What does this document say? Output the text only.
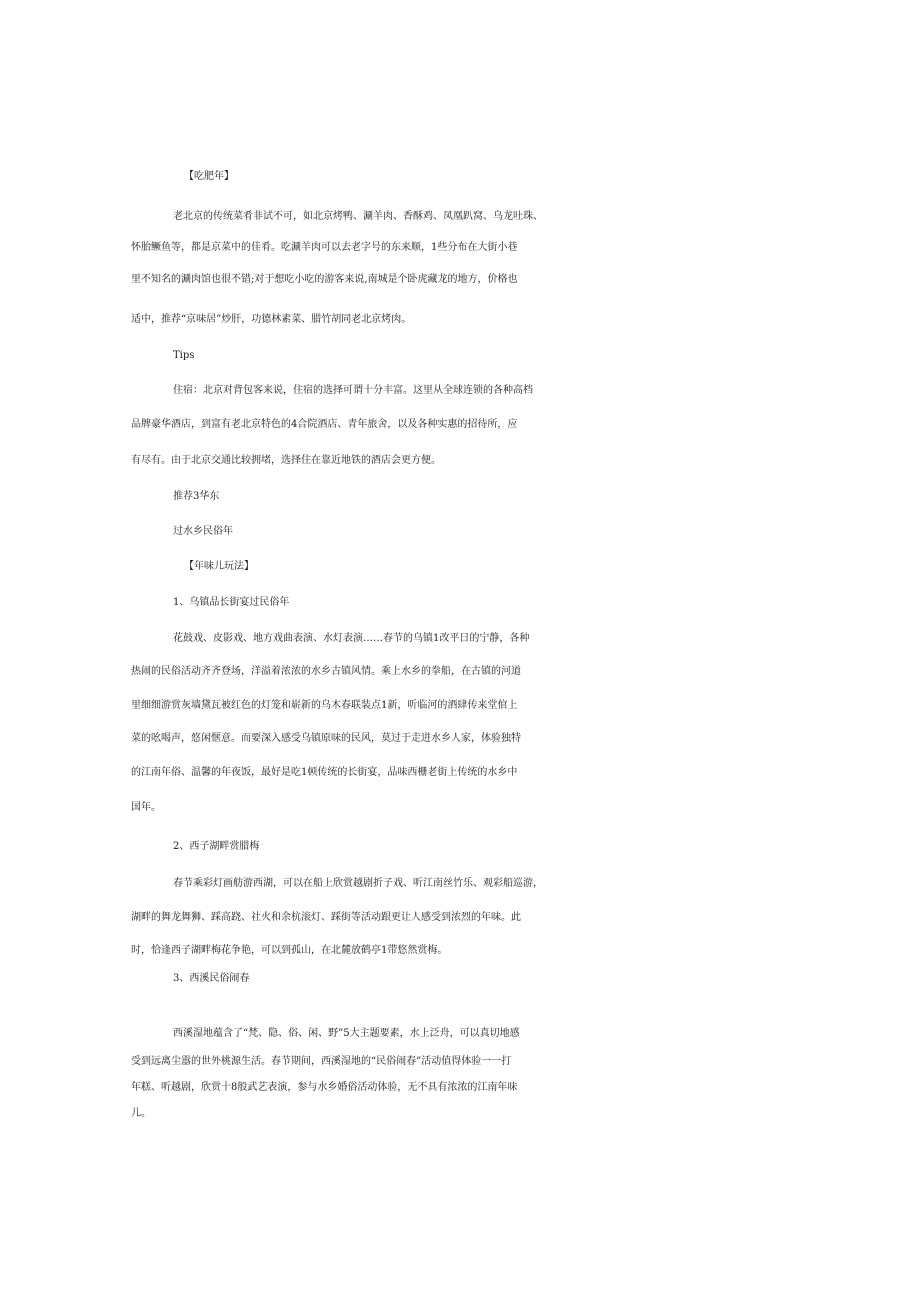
【吃肥年】
老北京的传统菜肴非试不可，如北京烤鸭、涮羊肉、香酥鸡、凤凰趴窝、乌龙吐珠、
怀胎鳜鱼等，都是京菜中的佳肴。吃涮羊肉可以去老字号的东来顺，1些分布在大街小巷
里不知名的涮肉馆也很不错;对于想吃小吃的游客来说,南城是个卧虎藏龙的地方，价格也
适中，推荐“京味居”炒肝，功德林素菜、腊竹胡同老北京烤肉。
Tips
住宿：北京对背包客来说，住宿的选择可谓十分丰富。这里从全球连锁的各种高档
品牌豪华酒店，到富有老北京特色的4合院酒店、青年旅舍，以及各种实惠的招待所，应
有尽有。由于北京交通比较拥堵，选择住在靠近地铁的酒店会更方便。
推荐3华东
过水乡民俗年
【年味儿玩法】
1、乌镇品长街宴过民俗年
花鼓戏、皮影戏、地方戏曲表演、水灯表演……春节的乌镇1改平日的宁静，各种
热闹的民俗活动齐齐登场，洋溢着浓浓的水乡古镇风情。乘上水乡的拳船，在古镇的河道
里细细游赏灰墙黛瓦被红色的灯笼和崭新的乌木春联装点1新，听临河的酒肆传来堂倌上
菜的吆喝声，悠闲惬意。而要深入感受乌镇原味的民风，莫过于走进水乡人家，体验独特
的江南年俗、温馨的年夜饭，最好是吃1顿传统的长街宴，品味西栅老街上传统的水乡中
国年。
2、西子湖畔赏腊梅
春节乘彩灯画舫游西湖，可以在船上欣赏越剧折子戏、听江南丝竹乐、观彩船巡游，
湖畔的舞龙舞狮、踩高跷、社火和余杭滚灯、踩街等活动跟更让人感受到浓烈的年味。此
时，恰逢西子湖畔梅花争艳，可以到孤山，在北麓放鹤亭1带悠然赏梅。
3、西溪民俗闹春
西溪湿地蕴含了“梵、隐、俗、闲、野”5大主题要素，水上泛舟，可以真切地感
受到远离尘嚣的世外桃源生活。春节期间，西溪湿地的“民俗闹春”活动值得体验一一打
年糕、听越剧，欣赏十8般武艺表演，参与水乡婚俗活动体验，无不具有浓浓的江南年味
儿。
